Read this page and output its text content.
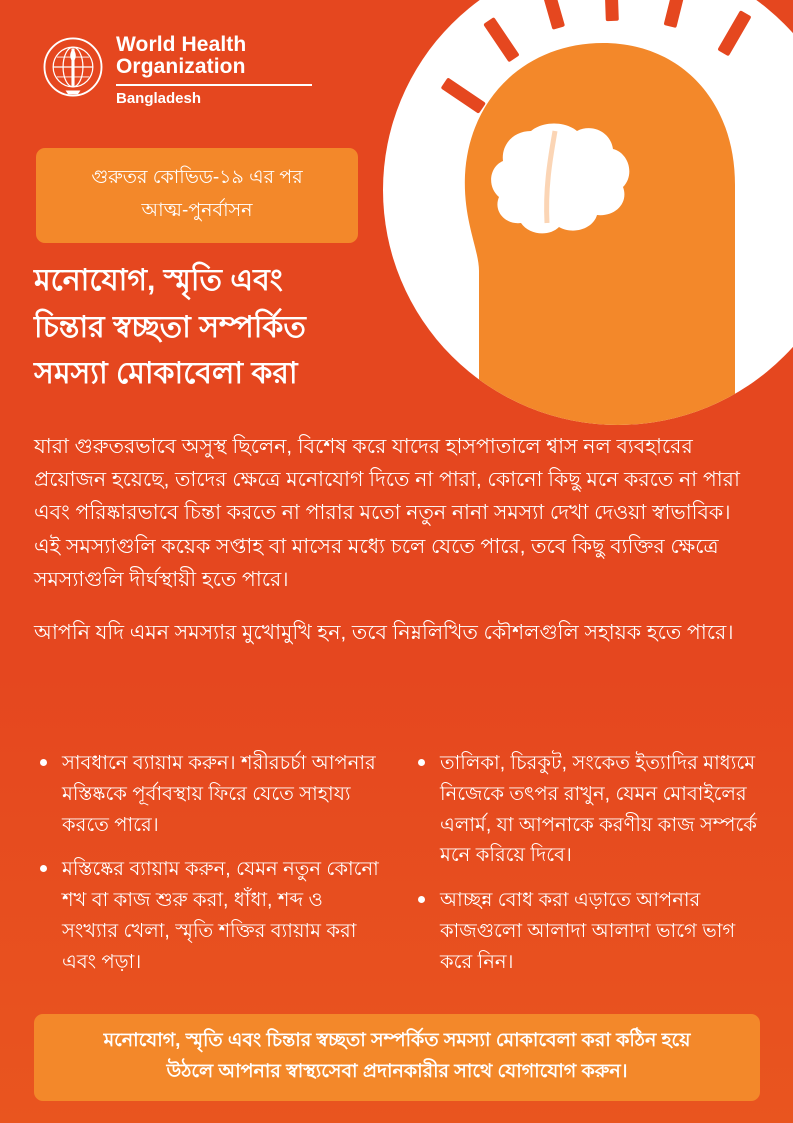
World Health
Organization
Bangladesh
গুরুতর কোভিড-১৯ এর পর
আত্ম-পুনর্বাসন
মনোযোগ, স্মৃতি এবং
চিন্তার স্বচ্ছতা সম্পর্কিত
সমস্যা মোকাবেলা করা

যারা গুরুতরভাবে অসুস্থ ছিলেন, বিশেষ করে যাদের হাসপাতালে শ্বাস নল ব্যবহারের প্রয়োজন হয়েছে, তাদের ক্ষেত্রে মনোযোগ দিতে না পারা, কোনো কিছু মনে করতে না পারা এবং পরিষ্কারভাবে চিন্তা করতে না পারার মতো নতুন নানা সমস্যা দেখা দেওয়া স্বাভাবিক। এই সমস্যাগুলি কয়েক সপ্তাহ বা মাসের মধ্যে চলে যেতে পারে, তবে কিছু ব্যক্তির ক্ষেত্রে সমস্যাগুলি দীর্ঘস্থায়ী হতে পারে।

আপনি যদি এমন সমস্যার মুখোমুখি হন, তবে নিম্নলিখিত কৌশলগুলি সহায়ক হতে পারে।

সাবধানে ব্যায়াম করুন। শরীরচর্চা আপনার মস্তিষ্ককে পূর্বাবস্থায় ফিরে যেতে সাহায্য করতে পারে।
মস্তিষ্কের ব্যায়াম করুন, যেমন নতুন কোনো শখ বা কাজ শুরু করা, ধাঁধা, শব্দ ও সংখ্যার খেলা, স্মৃতি শক্তির ব্যায়াম করা এবং পড়া।
তালিকা, চিরকুট, সংকেত ইত্যাদির মাধ্যমে নিজেকে তৎপর রাখুন, যেমন মোবাইলের এলার্ম, যা আপনাকে করণীয় কাজ সম্পর্কে মনে করিয়ে দিবে।
আচ্ছন্ন বোধ করা এড়াতে আপনার কাজগুলো আলাদা আলাদা ভাগে ভাগ করে নিন।
মনোযোগ, স্মৃতি এবং চিন্তার স্বচ্ছতা সম্পর্কিত সমস্যা মোকাবেলা করা কঠিন হয়ে
উঠলে আপনার স্বাস্থ্যসেবা প্রদানকারীর সাথে যোগাযোগ করুন।
